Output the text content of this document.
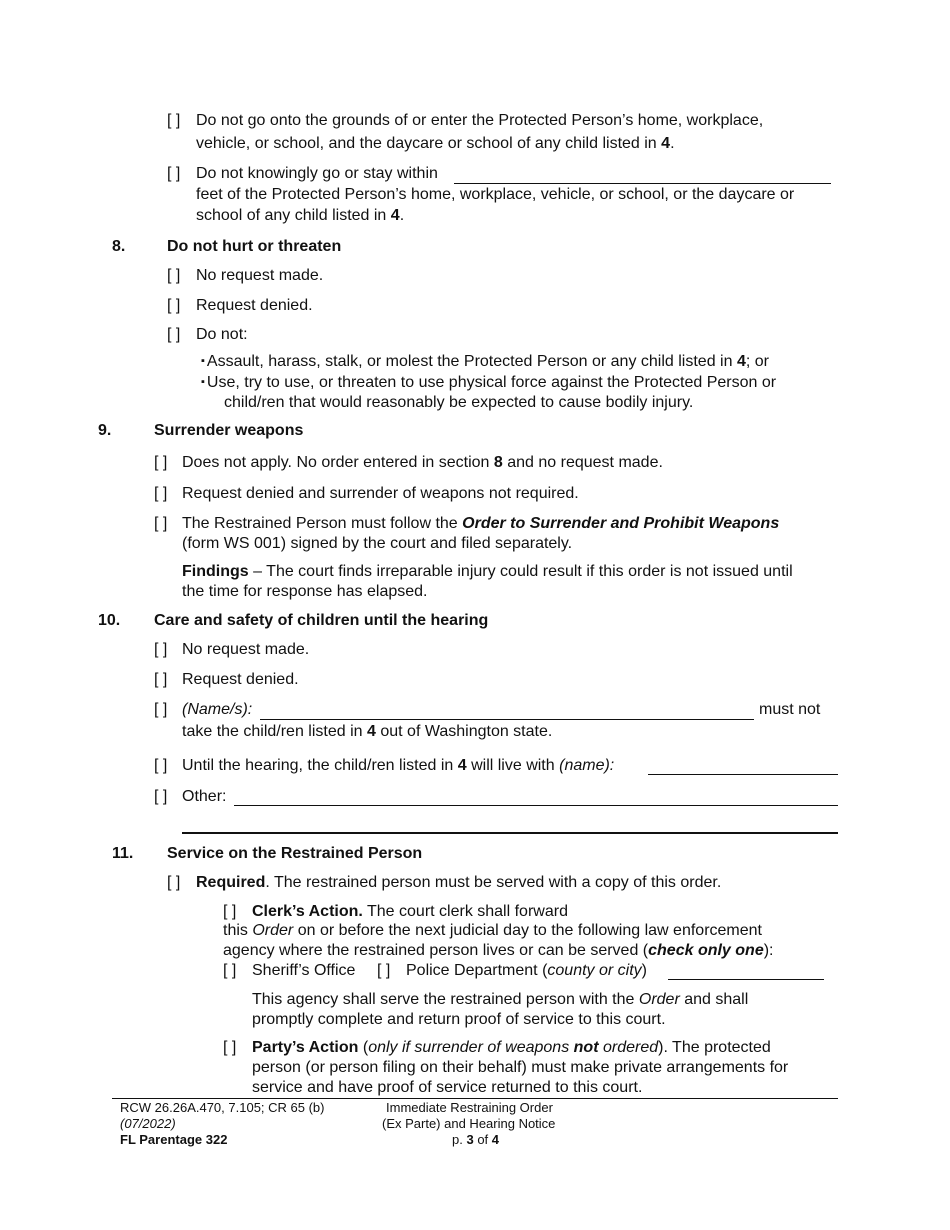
[ ] Do not go onto the grounds of or enter the Protected Person’s home, workplace,
vehicle, or school, and the daycare or school of any child listed in 4.
[ ] Do not knowingly go or stay within
feet of the Protected Person’s home, workplace, vehicle, or school, or the daycare or
school of any child listed in 4.
8.	Do not hurt or threaten
[ ] No request made.
[ ] Request denied.
[ ] Do not:
▪ Assault, harass, stalk, or molest the Protected Person or any child listed in 4; or
▪ Use, try to use, or threaten to use physical force against the Protected Person or
child/ren that would reasonably be expected to cause bodily injury.
9.	Surrender weapons
[ ] Does not apply. No order entered in section 8 and no request made.
[ ] Request denied and surrender of weapons not required.
[ ] The Restrained Person must follow the Order to Surrender and Prohibit Weapons
(form WS 001) signed by the court and filed separately.
Findings – The court finds irreparable injury could result if this order is not issued until
the time for response has elapsed.
10. Care and safety of children until the hearing
[ ] No request made.
[ ] Request denied.
[ ] (Name/s):	must not
take the child/ren listed in 4 out of Washington state.
[ ] Until the hearing, the child/ren listed in 4 will live with (name):
[ ] Other:
11. Service on the Restrained Person
[ ] Required. The restrained person must be served with a copy of this order.
[ ] Clerk’s Action. The court clerk shall forward
this Order on or before the next judicial day to the following law enforcement
agency where the restrained person lives or can be served (check only one):
[ ] Sheriff’s Office [ ] Police Department (county or city)
This agency shall serve the restrained person with the Order and shall
promptly complete and return proof of service to this court.
[ ] Party’s Action (only if surrender of weapons not ordered). The protected
person (or person filing on their behalf) must make private arrangements for
service and have proof of service returned to this court.
RCW 26.26A.470, 7.105; CR 65 (b)
(07/2022)
FL Parentage 322
Immediate Restraining Order
(Ex Parte) and Hearing Notice
p. 3 of 4
